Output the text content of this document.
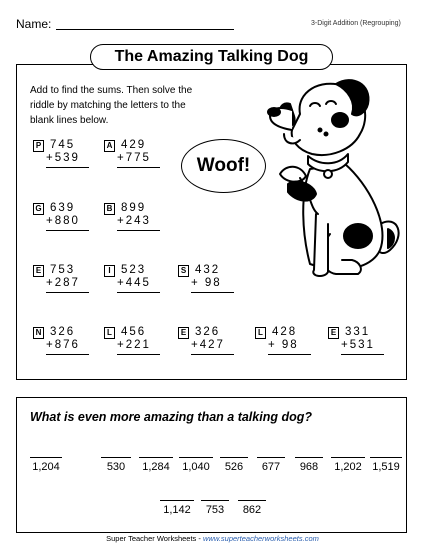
Name:	3-Digit Addition (Regrouping)
The Amazing Talking Dog
Add to find the sums. Then solve the riddle by matching the letters to the blank lines below.
P 745
+539
A 429
+775
G 639
+880
B 899
+243
E 753
+287
I 523
+445
S 432
+ 98
N 326
+876
L 456
+221
E 326
+427
L 428
+ 98
E 331
+531
Woof!
What is even more amazing than a talking dog?
1,204	530	1,284	1,040	526	677	968	1,202 1,519
1,142	753	862
Super Teacher Worksheets - www.superteacherworksheets.com
